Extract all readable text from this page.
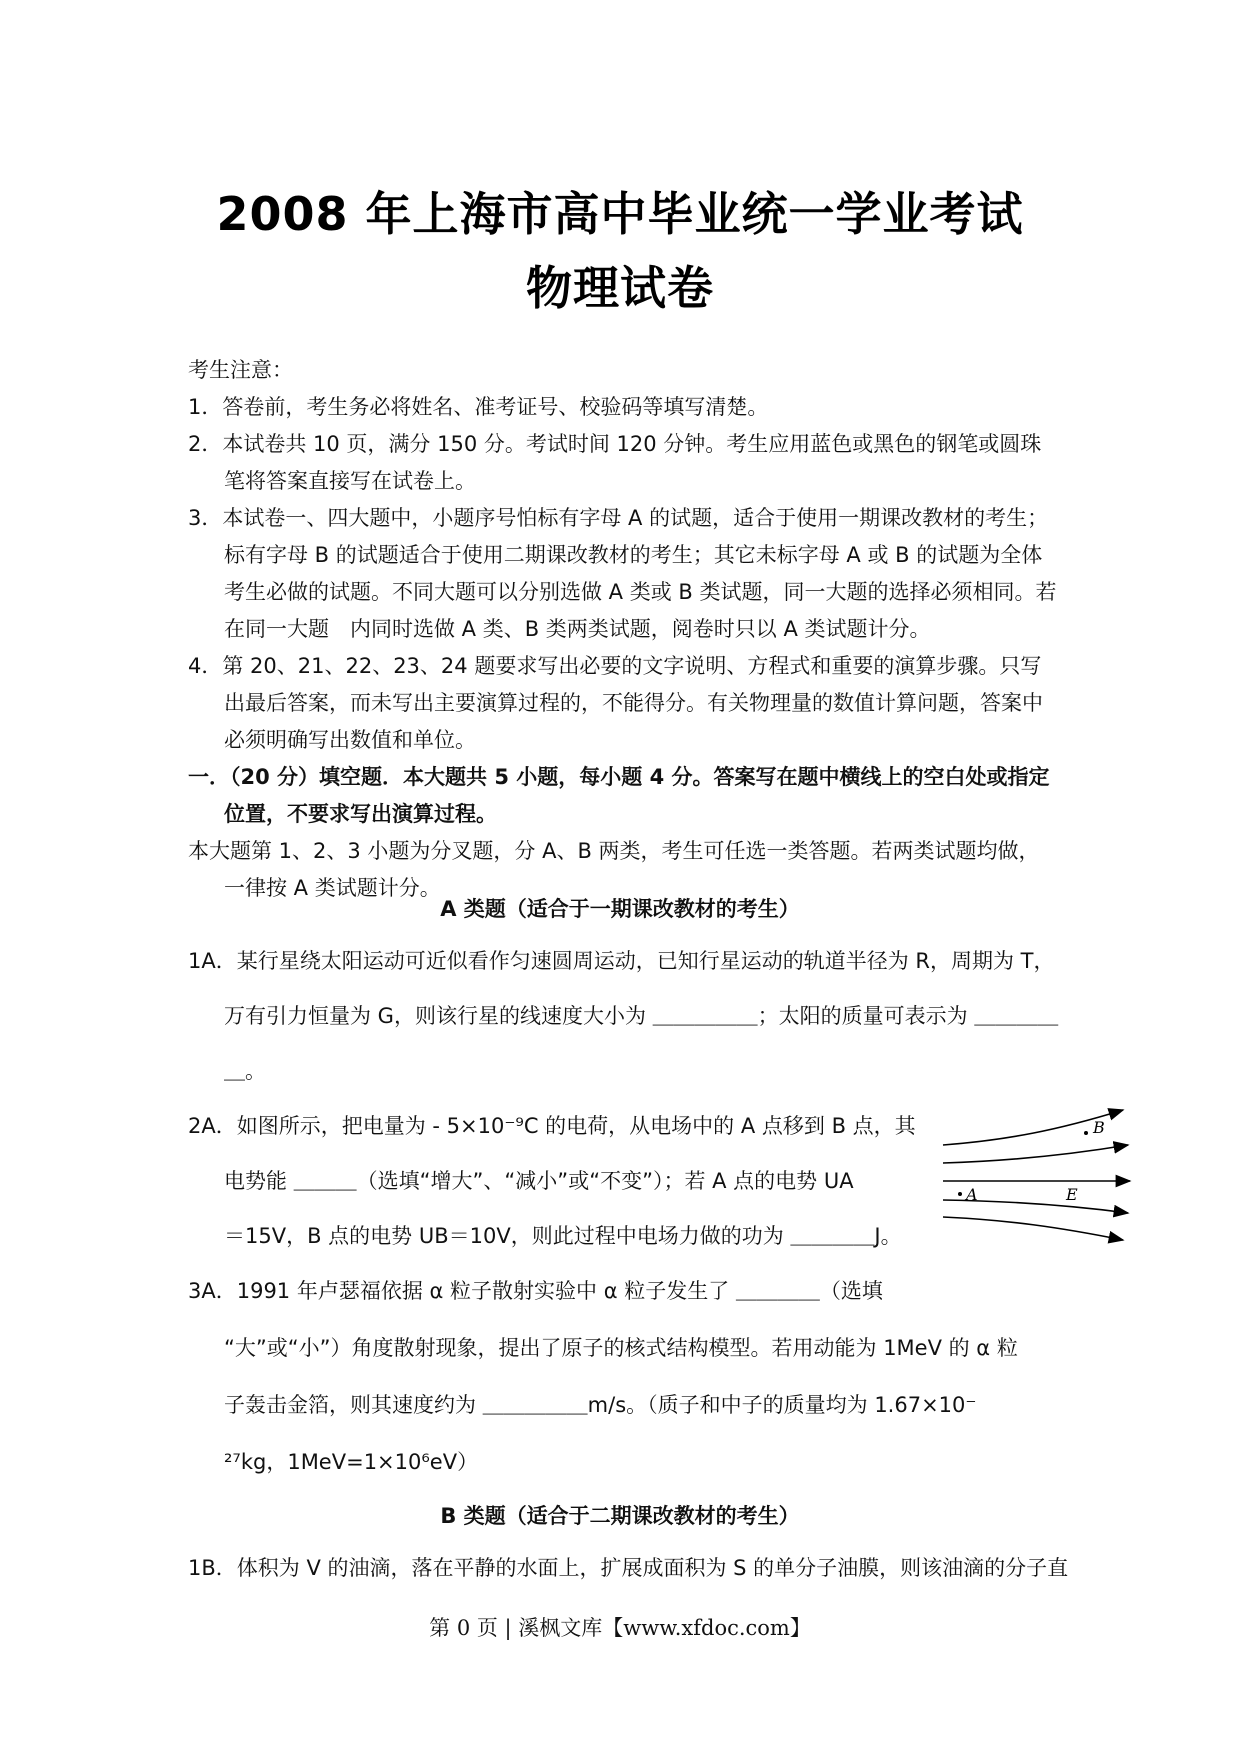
2008 年上海市高中毕业统一学业考试
物理试卷

考生注意：

1．答卷前，考生务必将姓名、准考证号、校验码等填写清楚。

2．本试卷共 10 页，满分 150 分。考试时间 120 分钟。考生应用蓝色或黑色的钢笔或圆珠笔将答案直接写在试卷上。

3．本试卷一、四大题中，小题序号怕标有字母 A 的试题，适合于使用一期课改教材的考生；标有字母 B 的试题适合于使用二期课改教材的考生；其它未标字母 A 或 B 的试题为全体考生必做的试题。不同大题可以分别选做 A 类或 B 类试题，同一大题的选择必须相同。若在同一大题　内同时选做 A 类、B 类两类试题，阅卷时只以 A 类试题计分。

4．第 20、21、22、23、24 题要求写出必要的文字说明、方程式和重要的演算步骤。只写出最后答案，而未写出主要演算过程的，不能得分。有关物理量的数值计算问题，答案中必须明确写出数值和单位。

一．（20 分）填空题．本大题共 5 小题，每小题 4 分。答案写在题中横线上的空白处或指定位置，不要求写出演算过程。

本大题第 1、2、3 小题为分叉题，分 A、B 两类，考生可任选一类答题。若两类试题均做，一律按 A 类试题计分。

A 类题（适合于一期课改教材的考生）
1A．某行星绕太阳运动可近似看作匀速圆周运动，已知行星运动的轨道半径为 R，周期为 T，
万有引力恒量为 G，则该行星的线速度大小为 ＿＿＿＿＿；太阳的质量可表示为 ＿＿＿＿
＿。
2A．如图所示，把电量为 - 5×10⁻⁹C 的电荷，从电场中的 A 点移到 B 点，其
电势能 ＿＿＿（选填“增大”、“减小”或“不变”）；若 A 点的电势 UA
＝15V，B 点的电势 UB＝10V，则此过程中电场力做的功为 ＿＿＿＿J。
B
A	E
3A．1991 年卢瑟福依据 α 粒子散射实验中 α 粒子发生了 ＿＿＿＿（选填
“大”或“小”）角度散射现象，提出了原子的核式结构模型。若用动能为 1MeV 的 α 粒
子轰击金箔，则其速度约为 ＿＿＿＿＿m/s。（质子和中子的质量均为 1.67×10⁻
²⁷kg，1MeV=1×10⁶eV）
B 类题（适合于二期课改教材的考生）
1B．体积为 V 的油滴，落在平静的水面上，扩展成面积为 S 的单分子油膜，则该油滴的分子直
第 0 页 | 溪枫文库【www.xfdoc.com】
